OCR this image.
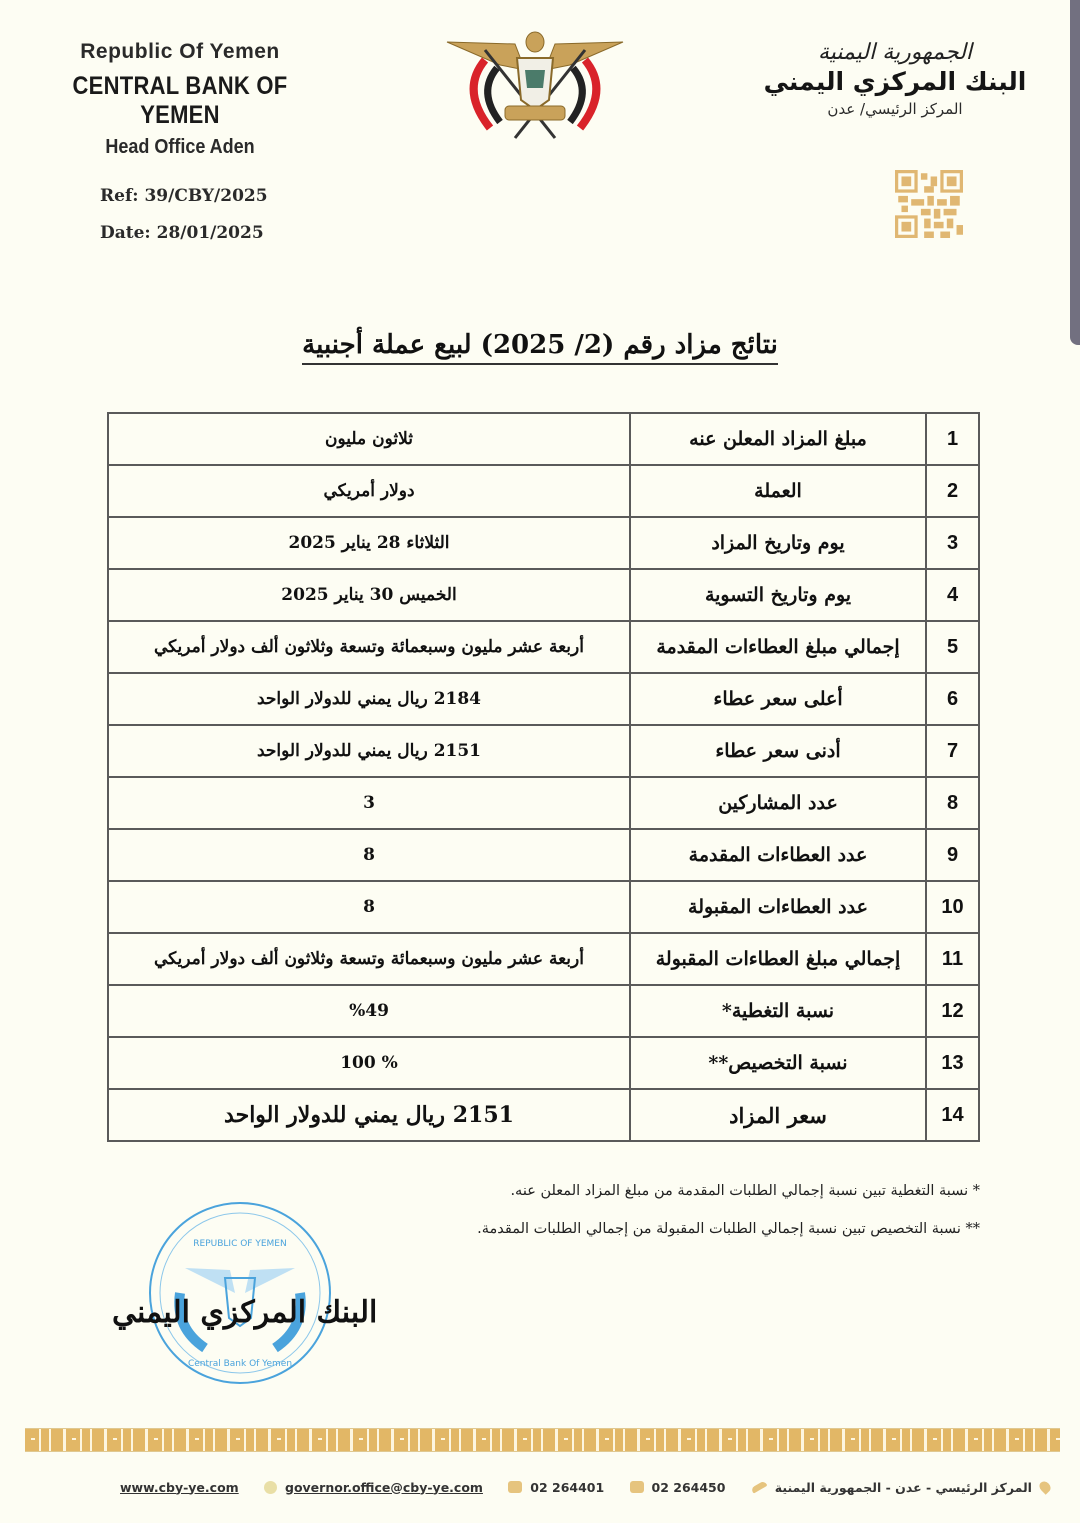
Republic Of Yemen
CENTRAL BANK OF YEMEN
Head Office Aden
Ref: 39/CBY/2025
Date: 28/01/2025
الجمهورية اليمنية
البنك المركزي اليمني
المركز الرئيسي/ عدن
نتائج مزاد رقم (2/ 2025) لبيع عملة أجنبية
1	مبلغ المزاد المعلن عنه	ثلاثون مليون
2	العملة	دولار أمريكي
3	يوم وتاريخ المزاد	الثلاثاء 28 يناير 2025
4	يوم وتاريخ التسوية	الخميس 30 يناير 2025
5	إجمالي مبلغ العطاءات المقدمة	أربعة عشر مليون وسبعمائة وتسعة وثلاثون ألف دولار أمريكي
6	أعلى سعر عطاء	2184 ريال يمني للدولار الواحد
7	أدنى سعر عطاء	2151 ريال يمني للدولار الواحد
8	عدد المشاركين	3
9	عدد العطاءات المقدمة	8
10	عدد العطاءات المقبولة	8
11	إجمالي مبلغ العطاءات المقبولة	أربعة عشر مليون وسبعمائة وتسعة وثلاثون ألف دولار أمريكي
12	نسبة التغطية*	%49
13	نسبة التخصيص**	% 100
14	سعر المزاد	2151 ريال يمني للدولار الواحد
* نسبة التغطية تبين نسبة إجمالي الطلبات المقدمة من مبلغ المزاد المعلن عنه.
** نسبة التخصيص تبين نسبة إجمالي الطلبات المقبولة من إجمالي الطلبات المقدمة.
REPUBLIC OF YEMEN
Central Bank Of Yemen
البنك المركزي اليمني
www.cby-ye.com	governor.office@cby-ye.com	02 264401	02 264450	المركز الرئيسي - عدن - الجمهورية اليمنية
